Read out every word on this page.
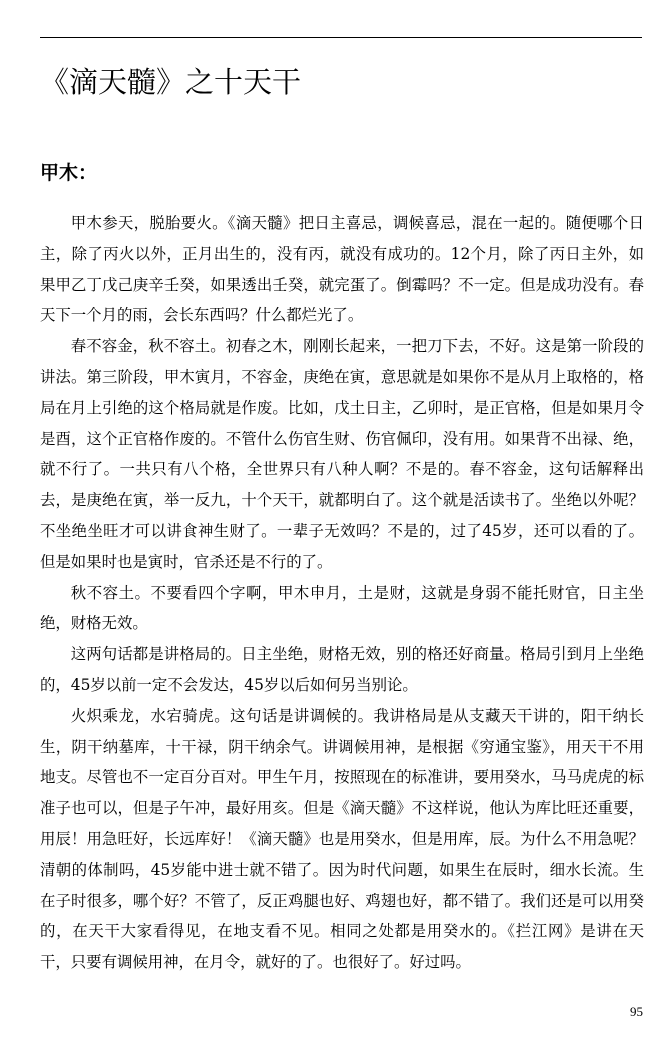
《滴天髓》之十天干
甲木：

甲木参天，脱胎要火。《滴天髓》把日主喜忌，调候喜忌，混在一起的。随便哪个日主，除了丙火以外，正月出生的，没有丙，就没有成功的。12个月，除了丙日主外，如果甲乙丁戊己庚辛壬癸，如果透出壬癸，就完蛋了。倒霉吗？不一定。但是成功没有。春天下一个月的雨，会长东西吗？什么都烂光了。

春不容金，秋不容土。初春之木，刚刚长起来，一把刀下去，不好。这是第一阶段的讲法。第三阶段，甲木寅月，不容金，庚绝在寅，意思就是如果你不是从月上取格的，格局在月上引绝的这个格局就是作废。比如，戊土日主，乙卯时，是正官格，但是如果月令是酉，这个正官格作废的。不管什么伤官生财、伤官佩印，没有用。如果背不出禄、绝，就不行了。一共只有八个格，全世界只有八种人啊？不是的。春不容金，这句话解释出去，是庚绝在寅，举一反九，十个天干，就都明白了。这个就是活读书了。坐绝以外呢？不坐绝坐旺才可以讲食神生财了。一辈子无效吗？不是的，过了45岁，还可以看的了。但是如果时也是寅时，官杀还是不行的了。

秋不容土。不要看四个字啊，甲木申月，土是财，这就是身弱不能托财官，日主坐绝，财格无效。

这两句话都是讲格局的。日主坐绝，财格无效，别的格还好商量。格局引到月上坐绝的，45岁以前一定不会发达，45岁以后如何另当别论。

火炽乘龙，水宕骑虎。这句话是讲调候的。我讲格局是从支藏天干讲的，阳干纳长生，阴干纳墓库，十干禄，阴干纳余气。讲调候用神，是根据《穷通宝鉴》，用天干不用地支。尽管也不一定百分百对。甲生午月，按照现在的标准讲，要用癸水，马马虎虎的标准子也可以，但是子午冲，最好用亥。但是《滴天髓》不这样说，他认为库比旺还重要，用辰！用急旺好，长远库好！《滴天髓》也是用癸水，但是用库，辰。为什么不用急呢？清朝的体制吗，45岁能中进士就不错了。因为时代问题，如果生在辰时，细水长流。生在子时很多，哪个好？不管了，反正鸡腿也好、鸡翅也好，都不错了。我们还是可以用癸的，在天干大家看得见，在地支看不见。相同之处都是用癸水的。《拦江网》是讲在天干，只要有调候用神，在月令，就好的了。也很好了。好过吗。

95
